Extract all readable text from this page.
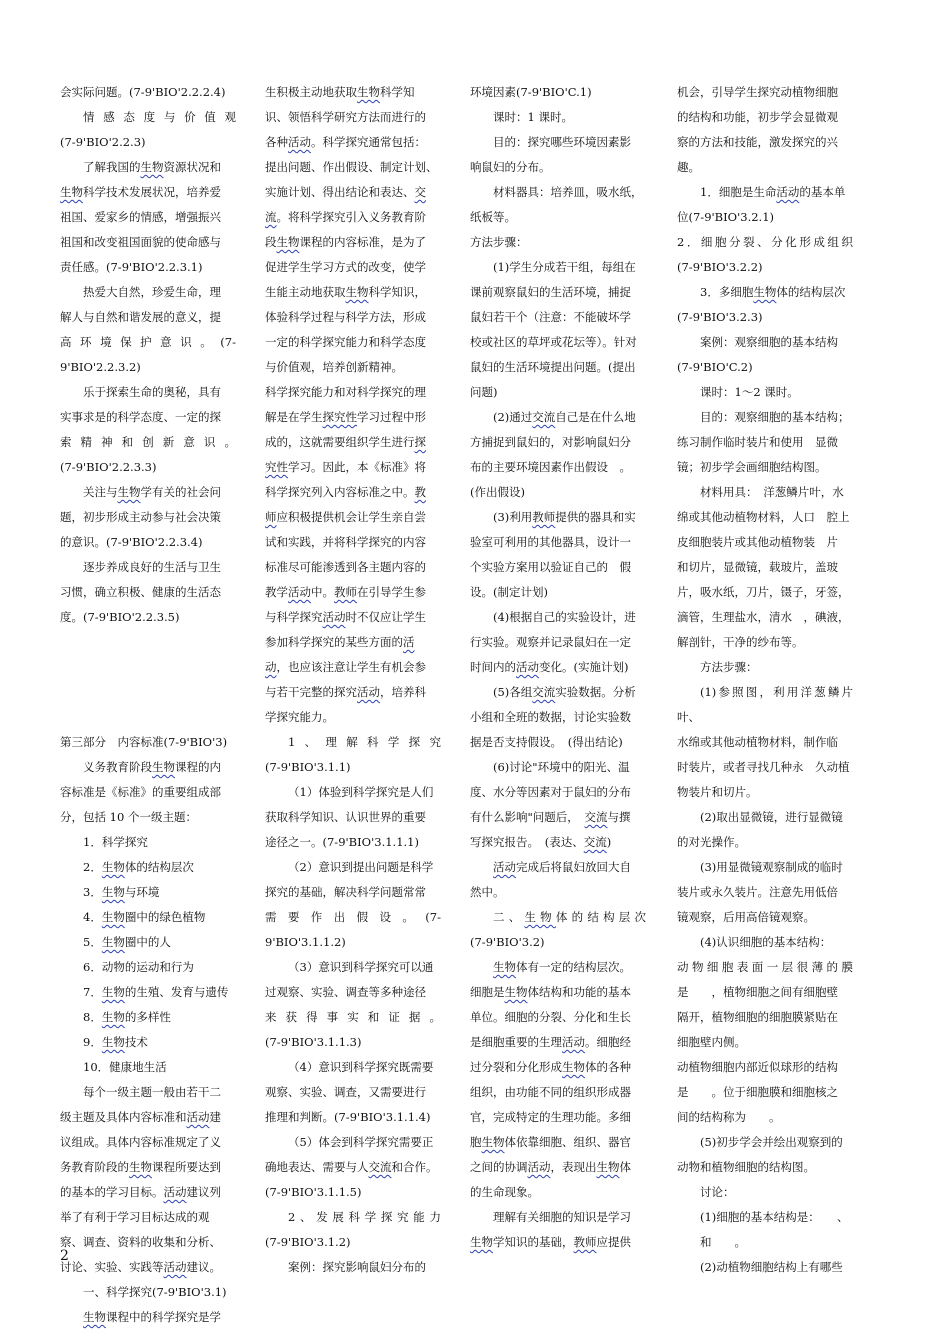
会实际问题。(7-9'BIO'2.2.2.4)

情感态度与价值观

(7-9'BIO'2.2.3)

了解我国的生物资源状况和

生物科学技术发展状况，培养爱

祖国、爱家乡的情感，增强振兴

祖国和改变祖国面貌的使命感与

责任感。(7-9'BIO'2.2.3.1)

热爱大自然，珍爱生命，理

解人与自然和谐发展的意义，提

高环境保护意识。(7-9'BIO'2.2.3.2)

乐于探索生命的奥秘，具有

实事求是的科学态度、一定的探

索精神和创新意识。

(7-9'BIO'2.2.3.3)

关注与生物学有关的社会问

题，初步形成主动参与社会决策

的意识。(7-9'BIO'2.2.3.4)

逐步养成良好的生活与卫生

习惯，确立积极、健康的生活态

度。(7-9'BIO'2.2.3.5)

第三部分　内容标准(7-9'BIO'3)

义务教育阶段生物课程的内

容标准是《标准》的重要组成部

分，包括 10 个一级主题：

1．科学探究

2．生物体的结构层次

3．生物与环境

4．生物圈中的绿色植物

5．生物圈中的人

6．动物的运动和行为

7．生物的生殖、发育与遗传

8．生物的多样性

9．生物技术

10．健康地生活

每个一级主题一般由若干二

级主题及具体内容标准和活动建

议组成。具体内容标准规定了义

务教育阶段的生物课程所要达到

的基本的学习目标。活动建议列

举了有利于学习目标达成的观

察、调查、资料的收集和分析、

讨论、实验、实践等活动建议。

一、科学探究(7-9'BIO'3.1)

生物课程中的科学探究是学

生积极主动地获取生物科学知

识、领悟科学研究方法而进行的

各种活动。科学探究通常包括：

提出问题、作出假设、制定计划、

实施计划、得出结论和表达、交

流。将科学探究引入义务教育阶

段生物课程的内容标准，是为了

促进学生学习方式的改变，使学

生能主动地获取生物科学知识，

体验科学过程与科学方法，形成

一定的科学探究能力和科学态度

与价值观，培养创新精神。

科学探究能力和对科学探究的理

解是在学生探究性学习过程中形

成的，这就需要组织学生进行探

究性学习。因此，本《标准》将

科学探究列入内容标准之中。教

师应积极提供机会让学生亲自尝

试和实践，并将科学探究的内容

标准尽可能渗透到各主题内容的

教学活动中。教师在引导学生参

与科学探究活动时不仅应让学生

参加科学探究的某些方面的活

动，也应该注意让学生有机会参

与若干完整的探究活动，培养科

学探究能力。

1、理解科学探究

(7-9'BIO'3.1.1)

（1）体验到科学探究是人们

获取科学知识、认识世界的重要

途径之一。(7-9'BIO'3.1.1.1)

（2）意识到提出问题是科学

探究的基础，解决科学问题常常

需要作出假设。(7-9'BIO'3.1.1.2)

（3）意识到科学探究可以通

过观察、实验、调查等多种途径

来获得事实和证据。

(7-9'BIO'3.1.1.3)

（4）意识到科学探究既需要

观察、实验、调查，又需要进行

推理和判断。(7-9'BIO'3.1.1.4)

（5）体会到科学探究需要正

确地表达、需要与人交流和合作。

(7-9'BIO'3.1.1.5)

2、发展科学探究能力

(7-9'BIO'3.1.2)

案例：探究影响鼠妇分布的

环境因素(7-9'BIO'C.1)

课时：1 课时。

目的：探究哪些环境因素影

响鼠妇的分布。

材料器具：培养皿，吸水纸，

纸板等。

方法步骤：

(1)学生分成若干组，每组在

课前观察鼠妇的生活环境，捕捉

鼠妇若干个（注意：不能破坏学

校或社区的草坪或花坛等）。针对

鼠妇的生活环境提出问题。(提出

问题)

(2)通过交流自己是在什么地

方捕捉到鼠妇的，对影响鼠妇分

布的主要环境因素作出假设　。

(作出假设)

(3)利用教师提供的器具和实

验室可利用的其他器具，设计一

个实验方案用以验证自己的　假

设。(制定计划)

(4)根据自己的实验设计，进

行实验。观察并记录鼠妇在一定

时间内的活动变化。(实施计划)

(5)各组交流实验数据。分析

小组和全班的数据，讨论实验数

据是否支持假设。　(得出结论)

(6)讨论"环境中的阳光、温

度、水分等因素对于鼠妇的分布

有什么影响"问题后，　交流与撰

写探究报告。　(表达、交流)

活动完成后将鼠妇放回大自

然中。

二、生物体的结构层次

(7-9'BIO'3.2)

生物体有一定的结构层次。

细胞是生物体结构和功能的基本

单位。细胞的分裂、分化和生长

是细胞重要的生理活动。细胞经

过分裂和分化形成生物体的各种

组织，由功能不同的组织形成器

官，完成特定的生理功能。多细

胞生物体依靠细胞、组织、器官

之间的协调活动，表现出生物体

的生命现象。

理解有关细胞的知识是学习

生物学知识的基础，教师应提供

机会，引导学生探究动植物细胞

的结构和功能，初步学会显微观

察的方法和技能，激发探究的兴

趣。

1．细胞是生命活动的基本单

位(7-9'BIO'3.2.1)

2．细胞分裂、分化形成组织

(7-9'BIO'3.2.2)

3．多细胞生物体的结构层次

(7-9'BIO'3.2.3)

案例：观察细胞的基本结构

(7-9'BIO'C.2)

课时：1～2 课时。

目的：观察细胞的基本结构；

练习制作临时装片和使用　显微

镜；初步学会画细胞结构图。

材料用具：　洋葱鳞片叶，水

绵或其他动植物材料，人口　腔上

皮细胞装片或其他动植物装　片

和切片，显微镜，载玻片，盖玻

片，吸水纸，刀片，镊子，牙签，

滴管，生理盐水，清水　，碘液，

解剖针，干净的纱布等。

方法步骤：

(1)参照图，利用洋葱鳞片叶、

水绵或其他动植物材料，制作临

时装片，或者寻找几种永　久动植

物装片和切片。

(2)取出显微镜，进行显微镜

的对光操作。

(3)用显微镜观察制成的临时

装片或永久装片。注意先用低倍

镜观察，后用高倍镜观察。

(4)认识细胞的基本结构：

动物细胞表面一层很薄的膜

是　　，植物细胞之间有细胞壁

隔开，植物细胞的细胞膜紧贴在

细胞壁内侧。

动植物细胞内部近似球形的结构

是　　。位于细胞膜和细胞核之

间的结构称为　　。

(5)初步学会并绘出观察到的

动物和植物细胞的结构图。

讨论：

(1)细胞的基本结构是：　　、

和　　。

(2)动植物细胞结构上有哪些

2
